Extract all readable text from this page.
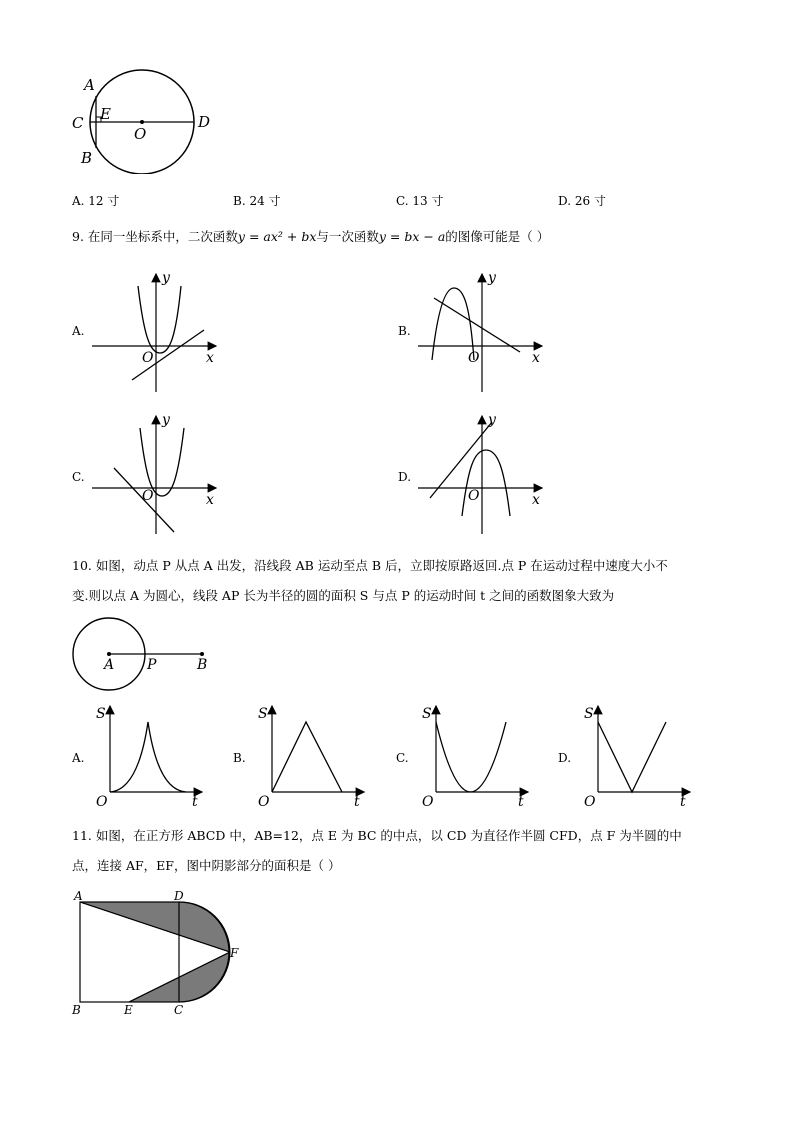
A
E
C
O
D
B
A. 12 寸	B. 24 寸	C. 13 寸	D. 26 寸
9. 在同一坐标系中，二次函数y = ax² + bx与一次函数y = bx − a的图像可能是（ ）
A.	B.
C.	D.
y
x
O
y
x
O
y
x
O
y
x
O
10. 如图，动点 P 从点 A 出发，沿线段 AB 运动至点 B 后，立即按原路返回.点 P 在运动过程中速度大小不
变.则以点 A 为圆心，线段 AP 长为半径的圆的面积 S 与点 P 的运动时间 t 之间的函数图象大致为
A P	B
A.	B.	C.	D.
S
t
O
S
t
O
S
t
O
S
t
O
11. 如图，在正方形 ABCD 中，AB=12，点 E 为 BC 的中点，以 CD 为直径作半圆 CFD，点 F 为半圆的中
点，连接 AF，EF，图中阴影部分的面积是（ ）
A	D
F
B	E	C
